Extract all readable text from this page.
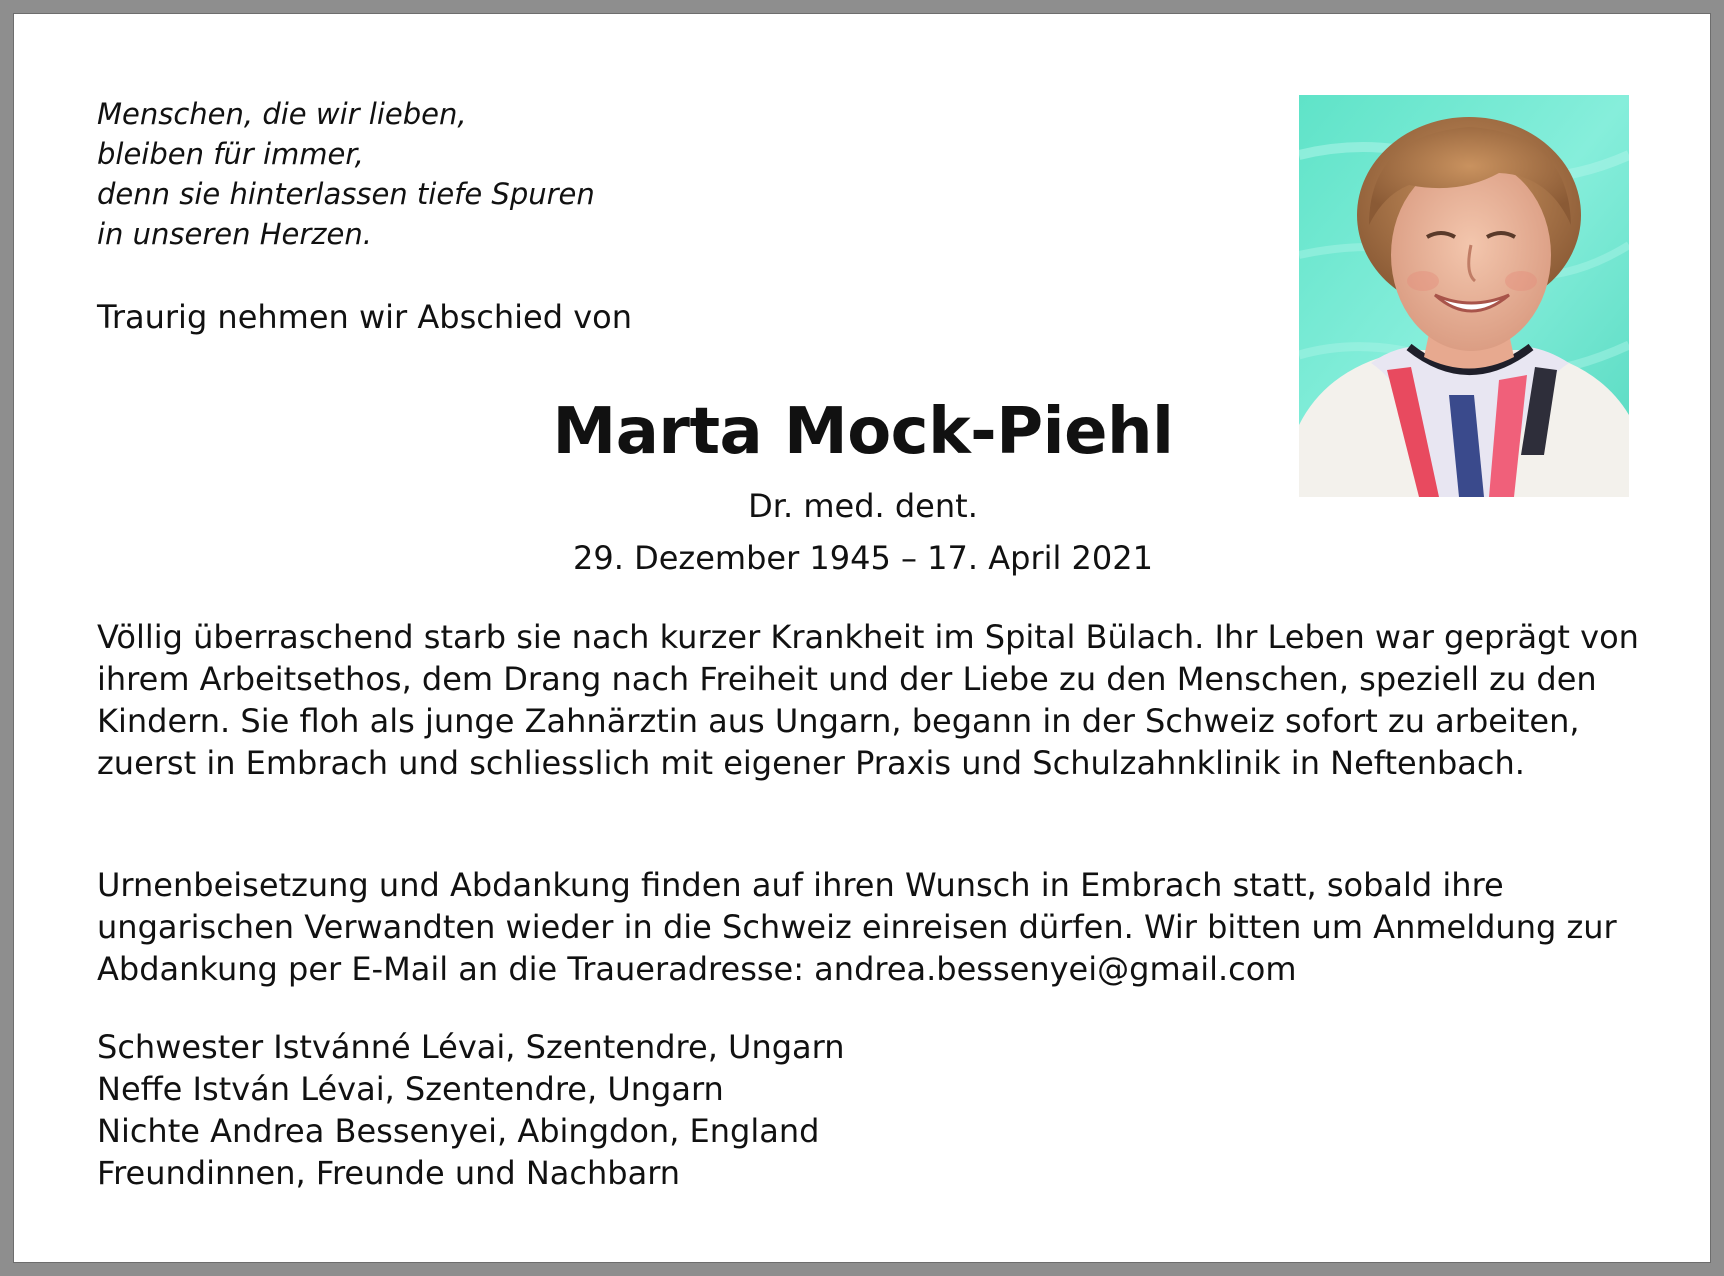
Menschen, die wir lieben,
bleiben für immer,
denn sie hinterlassen tiefe Spuren
in unseren Herzen.
Traurig nehmen wir Abschied von
Marta Mock-Piehl
Dr. med. dent.
29. Dezember 1945 – 17. April 2021

Völlig überraschend starb sie nach kurzer Krankheit im Spital Bülach. Ihr Leben war geprägt von ihrem Arbeitsethos, dem Drang nach Freiheit und der Liebe zu den Menschen, speziell zu den Kindern. Sie floh als junge Zahnärztin aus Ungarn, begann in der Schweiz sofort zu arbeiten, zuerst in Embrach und schliesslich mit eigener Praxis und Schulzahnklinik in Neftenbach.

Urnenbeisetzung und Abdankung finden auf ihren Wunsch in Embrach statt, sobald ihre ungarischen Verwandten wieder in die Schweiz einreisen dürfen. Wir bitten um Anmeldung zur Abdankung per E-Mail an die Traueradresse: andrea.bessenyei@gmail.com

Schwester Istvánné Lévai, Szentendre, Ungarn
Neffe István Lévai, Szentendre, Ungarn
Nichte Andrea Bessenyei, Abingdon, England
Freundinnen, Freunde und Nachbarn
